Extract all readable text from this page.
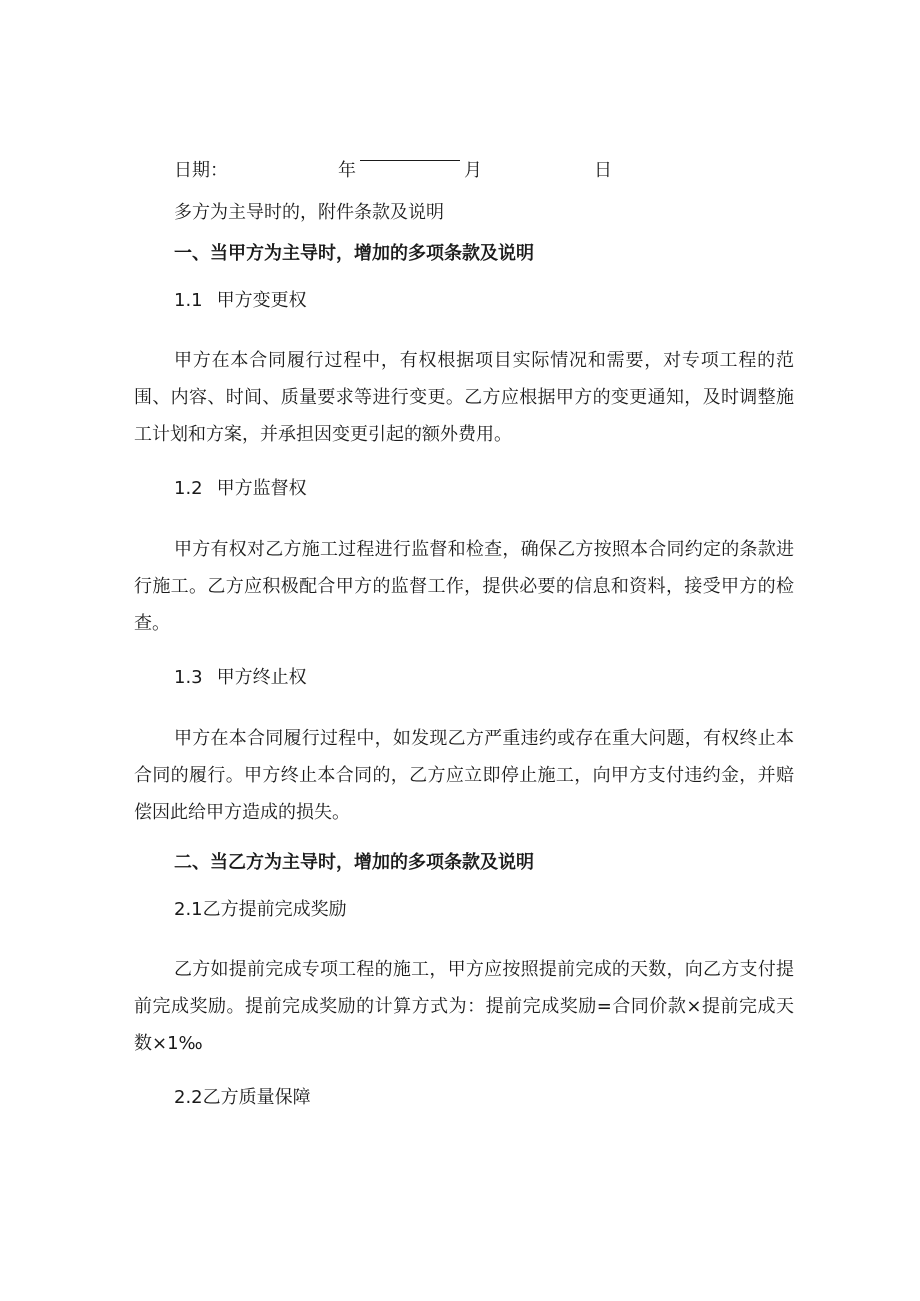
日期：	年	月	日

多方为主导时的，附件条款及说明

一、当甲方为主导时，增加的多项条款及说明

1.1 甲方变更权

甲方在本合同履行过程中，有权根据项目实际情况和需要，对专项工程的范围、内容、时间、质量要求等进行变更。乙方应根据甲方的变更通知，及时调整施工计划和方案，并承担因变更引起的额外费用。

1.2 甲方监督权

甲方有权对乙方施工过程进行监督和检查，确保乙方按照本合同约定的条款进行施工。乙方应积极配合甲方的监督工作，提供必要的信息和资料，接受甲方的检查。

1.3 甲方终止权

甲方在本合同履行过程中，如发现乙方严重违约或存在重大问题，有权终止本合同的履行。甲方终止本合同的，乙方应立即停止施工，向甲方支付违约金，并赔偿因此给甲方造成的损失。

二、当乙方为主导时，增加的多项条款及说明

2.1乙方提前完成奖励

乙方如提前完成专项工程的施工，甲方应按照提前完成的天数，向乙方支付提前完成奖励。提前完成奖励的计算方式为：提前完成奖励=合同价款×提前完成天数×1‰

2.2乙方质量保障
